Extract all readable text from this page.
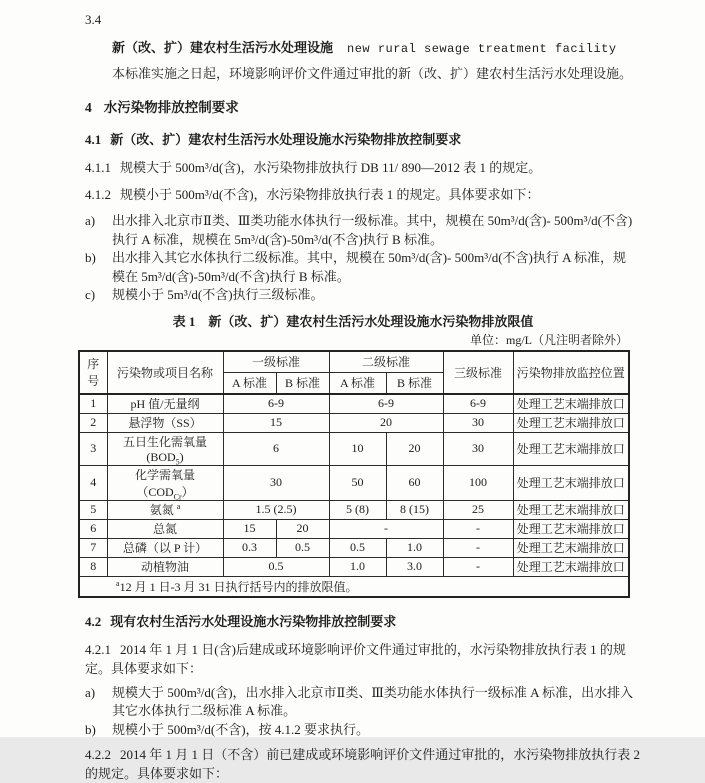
3.4
新（改、扩）建农村生活污水处理设施 new rural sewage treatment facility
本标准实施之日起，环境影响评价文件通过审批的新（改、扩）建农村生活污水处理设施。
4 水污染物排放控制要求
4.1 新（改、扩）建农村生活污水处理设施水污染物排放控制要求
4.1.1 规模大于 500m³/d(含)，水污染物排放执行 DB 11/ 890—2012 表 1 的规定。
4.1.2 规模小于 500m³/d(不含)，水污染物排放执行表 1 的规定。具体要求如下：
a)	出水排入北京市Ⅱ类、Ⅲ类功能水体执行一级标准。其中，规模在 50m³/d(含)- 500m³/d(不含)执行 A 标准，规模在 5m³/d(含)-50m³/d(不含)执行 B 标准。
b)	出水排入其它水体执行二级标准。其中，规模在 50m³/d(含)- 500m³/d(不含)执行 A 标准，规模在 5m³/d(含)-50m³/d(不含)执行 B 标准。
c)	规模小于 5m³/d(不含)执行三级标准。
表 1　新（改、扩）建农村生活污水处理设施水污染物排放限值
单位：mg/L（凡注明者除外）
序号	污染物或项目名称	一级标准		二级标准		三级标准	污染物排放监控位置
		A 标准	B 标准	A 标准	B 标准		
1	pH 值/无量纲	6-9		6-9		6-9	处理工艺末端排放口
2	悬浮物（SS）	15		20		30	处理工艺末端排放口
3	五日生化需氧量$(BOD_5)$	6		10	20	30	处理工艺末端排放口
4	化学需氧量$(COD_{Cr})$	30		50	60	100	处理工艺末端排放口
5	氨氮 $^a$	1.5 (2.5)		5 (8)	8 (15)	25	处理工艺末端排放口
6	总氮	15	20	-		-	处理工艺末端排放口
7	总磷（以 P 计）	0.3	0.5	0.5	1.0	-	处理工艺末端排放口
8	动植物油	0.5		1.0	3.0	-	处理工艺末端排放口
$^a$12 月 1 日-3 月 31 日执行括号内的排放限值。							
4.2 现有农村生活污水处理设施水污染物排放控制要求
4.2.1 2014 年 1 月 1 日(含)后建成或环境影响评价文件通过审批的，水污染物排放执行表 1 的规定。具体要求如下：
a)	规模大于 500m³/d(含)，出水排入北京市Ⅱ类、Ⅲ类功能水体执行一级标准 A 标准，出水排入其它水体执行二级标准 A 标准。
b)	规模小于 500m³/d(不含)，按 4.1.2 要求执行。
4.2.2 2014 年 1 月 1 日（不含）前已建成或环境影响评价文件通过审批的，水污染物排放执行表 2 的规定。具体要求如下：
